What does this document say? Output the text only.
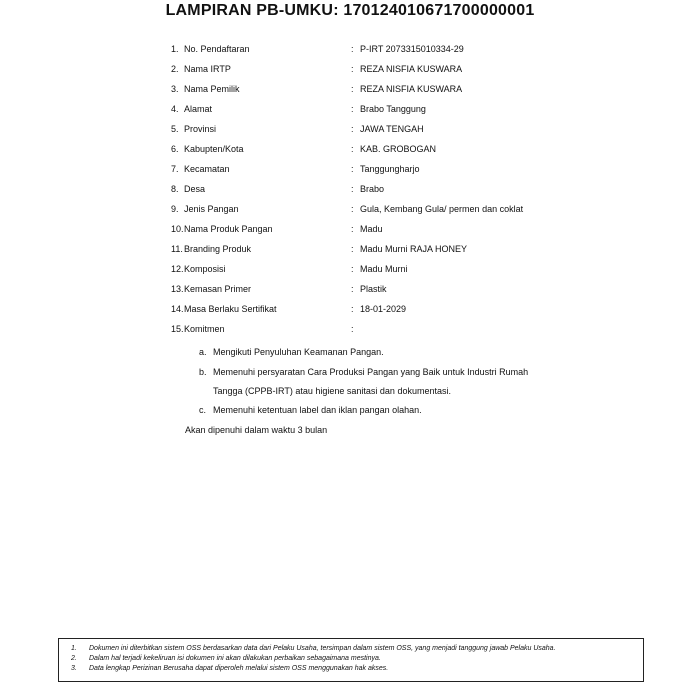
LAMPIRAN PB-UMKU: 170124010671700000001
1. No. Pendaftaran	: P-IRT 2073315010334-29
2. Nama IRTP	: REZA NISFIA KUSWARA
3. Nama Pemilik	: REZA NISFIA KUSWARA
4. Alamat	: Brabo Tanggung
5. Provinsi	: JAWA TENGAH
6. Kabupten/Kota	: KAB. GROBOGAN
7. Kecamatan	: Tanggungharjo
8. Desa	: Brabo
9. Jenis Pangan	: Gula, Kembang Gula/ permen dan coklat
10. Nama Produk Pangan	: Madu
11. Branding Produk	: Madu Murni RAJA HONEY
12. Komposisi	: Madu Murni
13. Kemasan Primer	: Plastik
14. Masa Berlaku Sertifikat	: 18-01-2029
15. Komitmen	:
a. Mengikuti Penyuluhan Keamanan Pangan.
b. Memenuhi persyaratan Cara Produksi Pangan yang Baik untuk Industri Rumah
Tangga (CPPB-IRT) atau higiene sanitasi dan dokumentasi.
c. Memenuhi ketentuan label dan iklan pangan olahan.
Akan dipenuhi dalam waktu 3 bulan
1. Dokumen ini diterbitkan sistem OSS berdasarkan data dari Pelaku Usaha, tersimpan dalam sistem OSS, yang menjadi tanggung jawab Pelaku Usaha.
2. Dalam hal terjadi kekeliruan isi dokumen ini akan dilakukan perbaikan sebagaimana mestinya.
3. Data lengkap Perizinan Berusaha dapat diperoleh melalui sistem OSS menggunakan hak akses.
